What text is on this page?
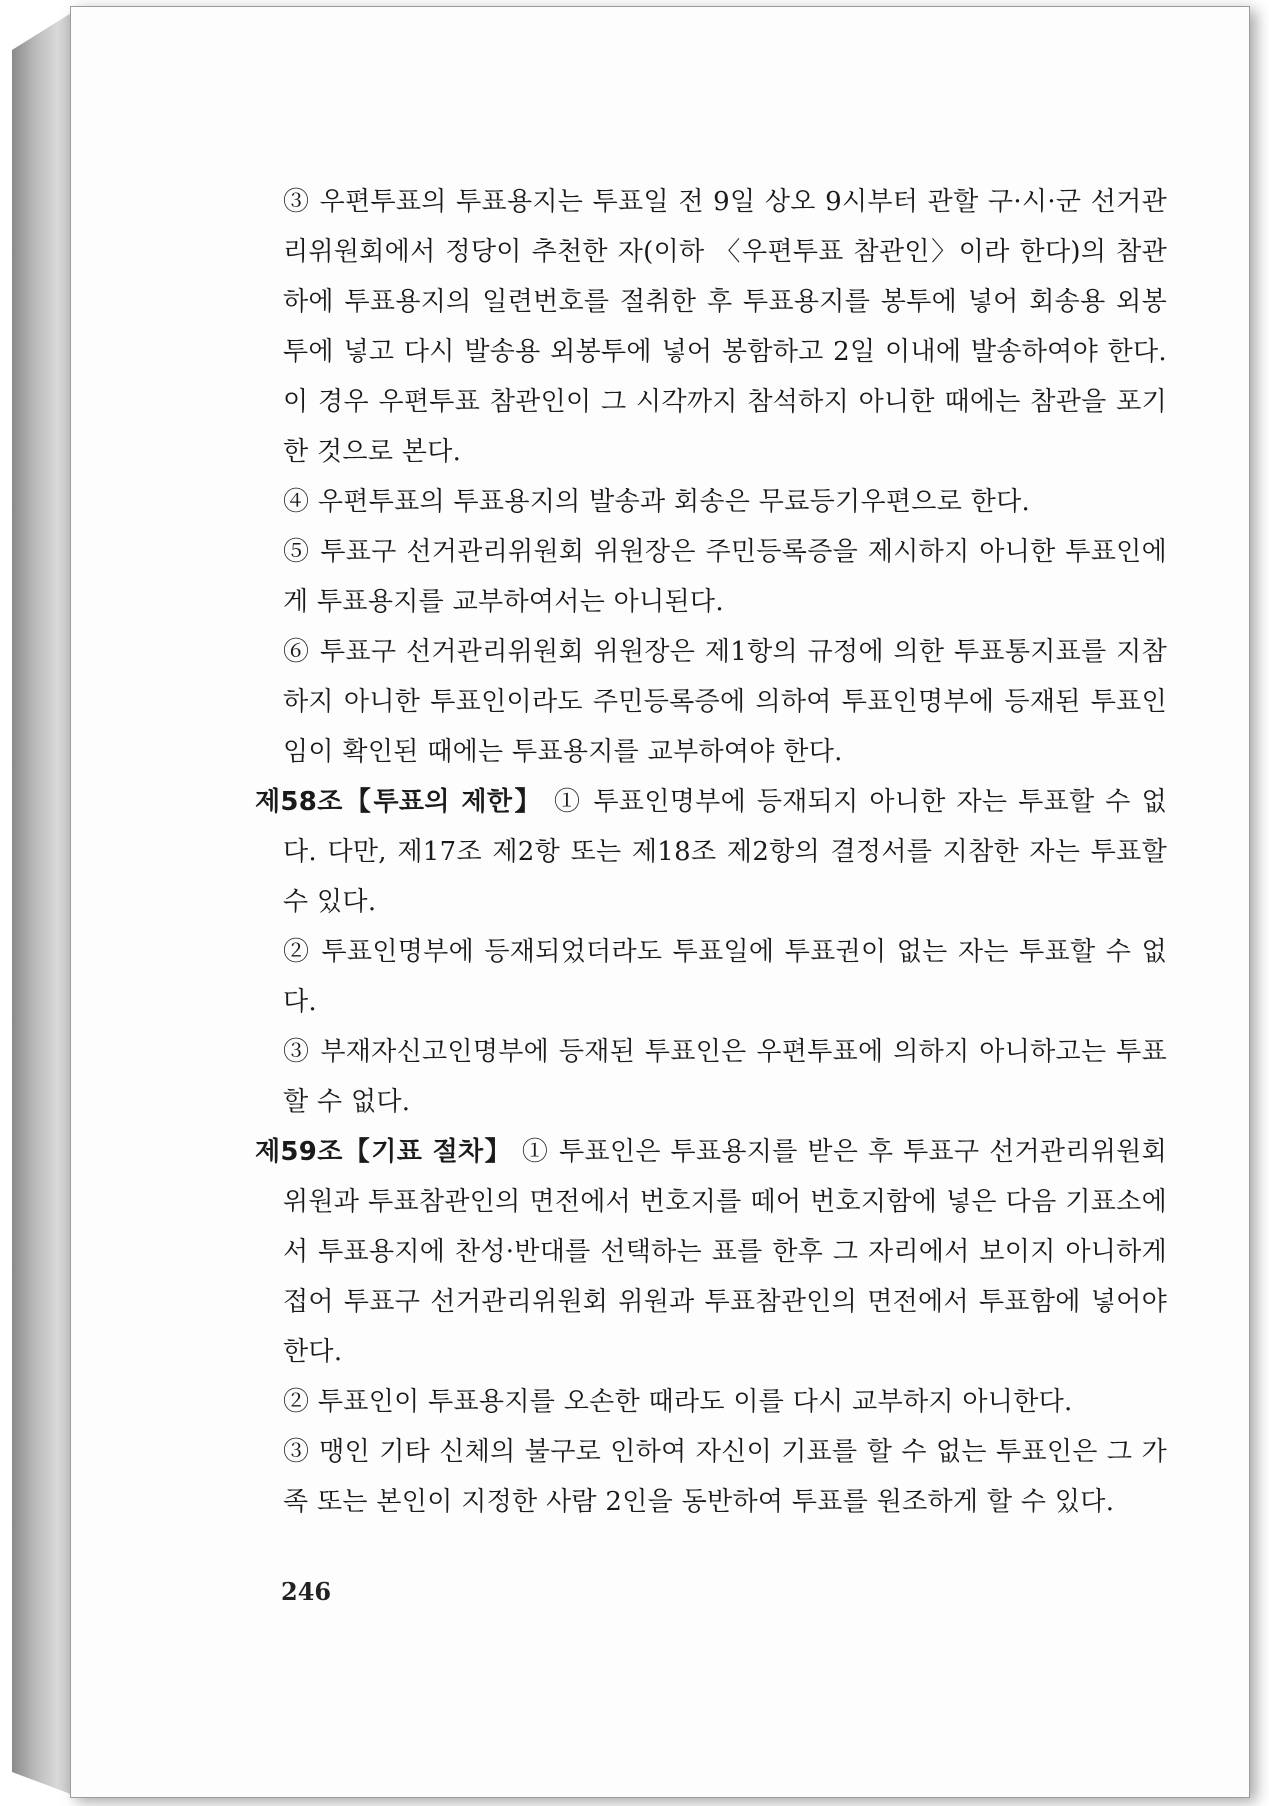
③ 우편투표의 투표용지는 투표일 전 9일 상오 9시부터 관할 구·시·군 선거관리위원회에서 정당이 추천한 자(이하 〈우편투표 참관인〉이라 한다)의 참관하에 투표용지의 일련번호를 절취한 후 투표용지를 봉투에 넣어 회송용 외봉투에 넣고 다시 발송용 외봉투에 넣어 봉함하고 2일 이내에 발송하여야 한다. 이 경우 우편투표 참관인이 그 시각까지 참석하지 아니한 때에는 참관을 포기한 것으로 본다.

④ 우편투표의 투표용지의 발송과 회송은 무료등기우편으로 한다.

⑤ 투표구 선거관리위원회 위원장은 주민등록증을 제시하지 아니한 투표인에게 투표용지를 교부하여서는 아니된다.

⑥ 투표구 선거관리위원회 위원장은 제1항의 규정에 의한 투표통지표를 지참하지 아니한 투표인이라도 주민등록증에 의하여 투표인명부에 등재된 투표인임이 확인된 때에는 투표용지를 교부하여야 한다.

제58조【투표의 제한】 ① 투표인명부에 등재되지 아니한 자는 투표할 수 없다. 다만, 제17조 제2항 또는 제18조 제2항의 결정서를 지참한 자는 투표할 수 있다.

② 투표인명부에 등재되었더라도 투표일에 투표권이 없는 자는 투표할 수 없다.

③ 부재자신고인명부에 등재된 투표인은 우편투표에 의하지 아니하고는 투표할 수 없다.

제59조【기표 절차】 ① 투표인은 투표용지를 받은 후 투표구 선거관리위원회 위원과 투표참관인의 면전에서 번호지를 떼어 번호지함에 넣은 다음 기표소에서 투표용지에 찬성·반대를 선택하는 표를 한후 그 자리에서 보이지 아니하게 접어 투표구 선거관리위원회 위원과 투표참관인의 면전에서 투표함에 넣어야 한다.

② 투표인이 투표용지를 오손한 때라도 이를 다시 교부하지 아니한다.

③ 맹인 기타 신체의 불구로 인하여 자신이 기표를 할 수 없는 투표인은 그 가족 또는 본인이 지정한 사람 2인을 동반하여 투표를 원조하게 할 수 있다.

246
